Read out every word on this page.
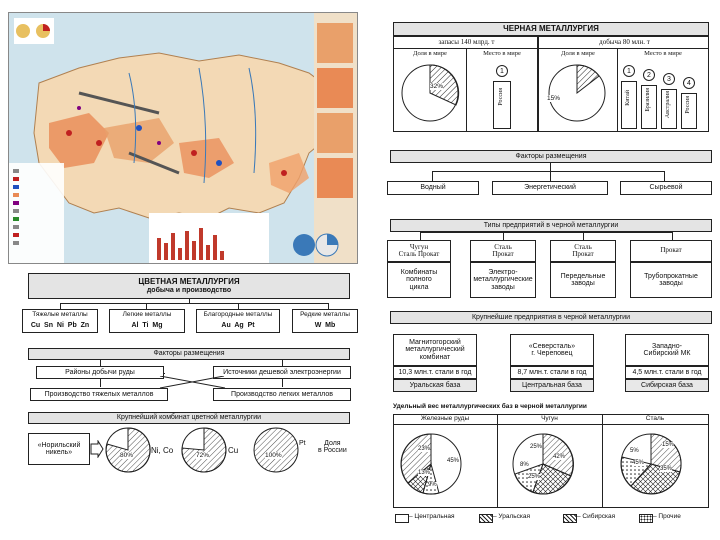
ЧЕРНАЯ МЕТАЛЛУРГИЯ
запасы 140 млрд. т
Доля в мире	Место в мире
32%
1
Россия
добыча 80 млн. т
Доля в мире	Место в мире
15%
1
Китай
2
Бразилия
3
Австралия
4
Россия
Факторы размещения
Водный	Энергетический	Сырьевой
Типы предприятий в черной металлургии
Чугун
Сталь Прокат
Комбинаты
полного
цикла
Сталь
Прокат
Электро-
металлургические
заводы
Сталь
Прокат
Передельные
заводы
Прокат
Трубопрокатные
заводы
Крупнейшие предприятия в черной металлургии
Магнитогорский
металлургический
комбинат
10,3 млн.т. стали в год
Уральская база
«Северсталь»
г. Череповец
8,7 млн.т. стали в год
Центральная база
Западно-
Сибирский МК
4,5 млн.т. стали в год
Сибирская база
Удельный вес металлургических баз в черной металлургии
Железные руды	Чугун	Сталь
45%
23%
13%
9%
25%
42%
25%
8%
15%
35%
45%
5%
– Центральная	– Уральская	– Сибирская	– Прочие
ЦВЕТНАЯ МЕТАЛЛУРГИЯ
добыча и производство
Тяжелые металлы
Cu  Sn  Ni  Pb  Zn
Легкие металлы
Al  Ti  Mg
Благородные металлы
Au  Ag  Pt
Редкие металлы
W  Mb
Факторы размещения
Районы добычи руды	Источники дешевой электроэнергии
Производство тяжелых металлов	Производство легких металлов
Крупнейший комбинат цветной металлургии
«Норильский
никель»	80%
Ni, Co
72%
Cu
100%
Pt	Доля
в России
